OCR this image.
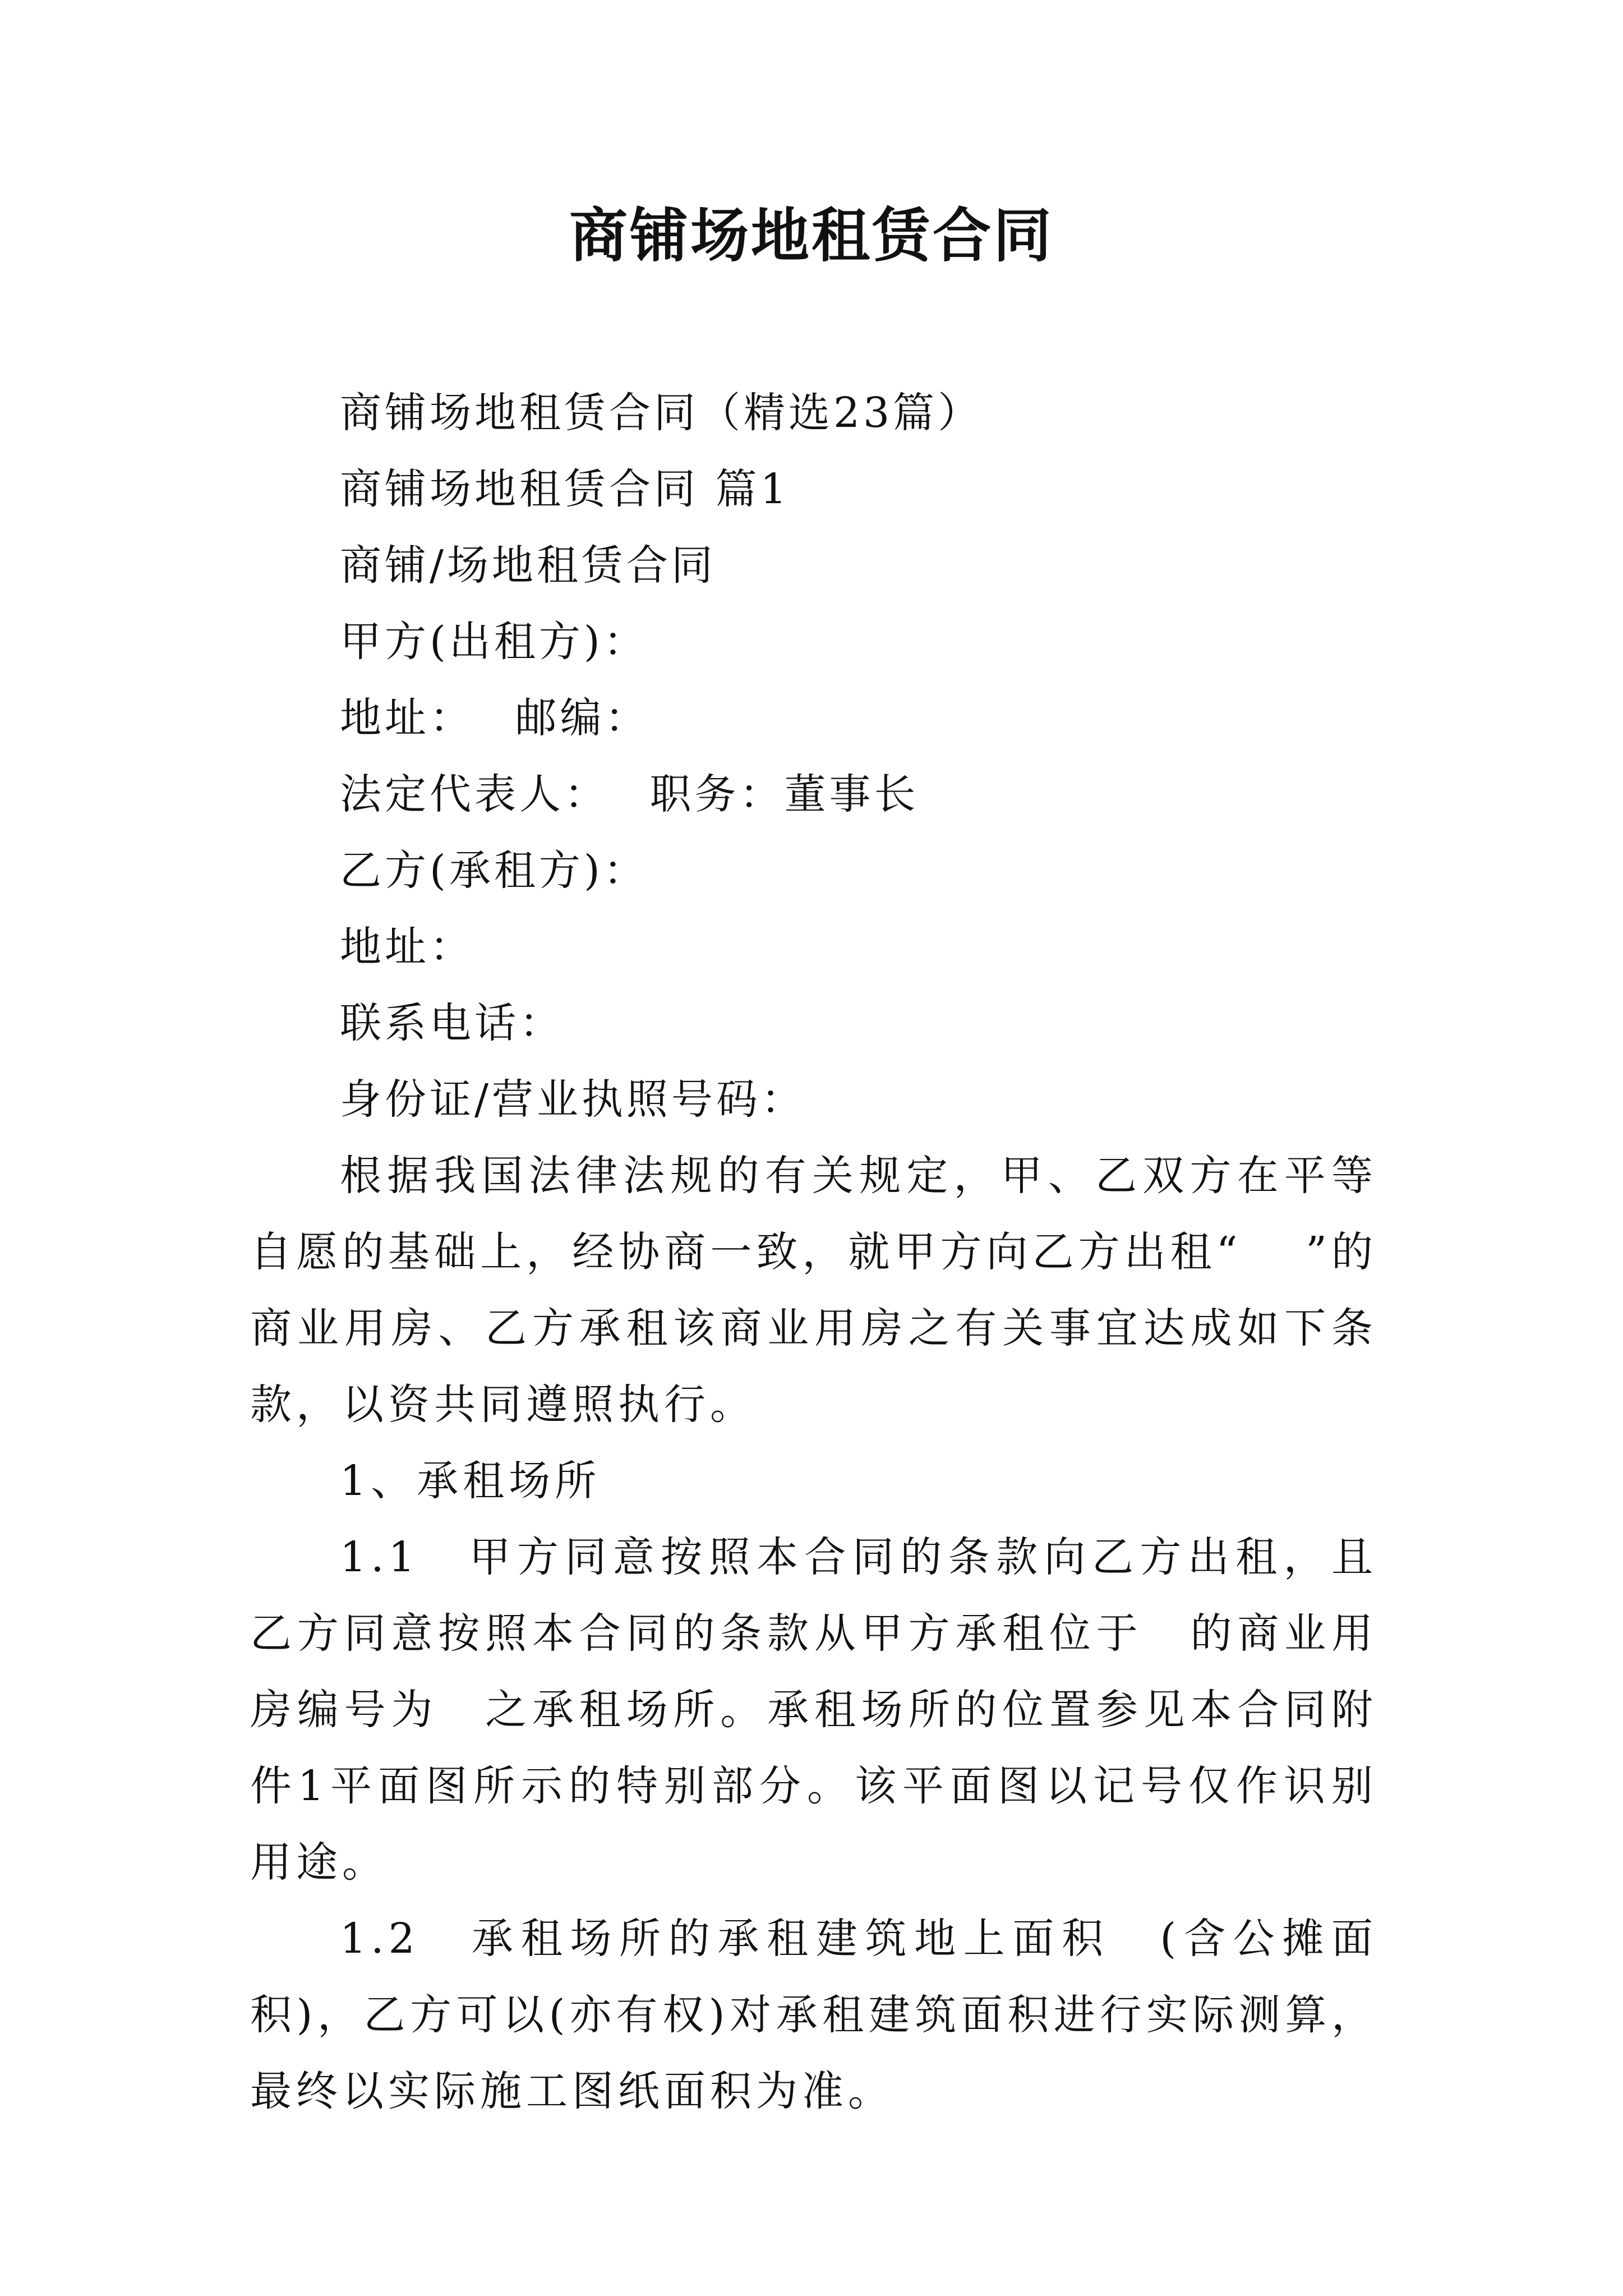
商铺场地租赁合同

商铺场地租赁合同（精选23篇）

商铺场地租赁合同 篇1

商铺/场地租赁合同

甲方(出租方)：

地址：　 邮编：

法定代表人：　 职务：董事长

乙方(承租方)：

地址：

联系电话：

身份证/营业执照号码：

根据我国法律法规的有关规定，甲、乙双方在平等自愿的基础上，经协商一致，就甲方向乙方出租“　 ”的商业用房、乙方承租该商业用房之有关事宜达成如下条款，以资共同遵照执行。

1、承租场所

1.1　甲方同意按照本合同的条款向乙方出租，且乙方同意按照本合同的条款从甲方承租位于　的商业用房编号为　之承租场所。承租场所的位置参见本合同附件1平面图所示的特别部分。该平面图以记号仅作识别用途。

1.2　承租场所的承租建筑地上面积　(含公摊面积)，乙方可以(亦有权)对承租建筑面积进行实际测算，最终以实际施工图纸面积为准。
